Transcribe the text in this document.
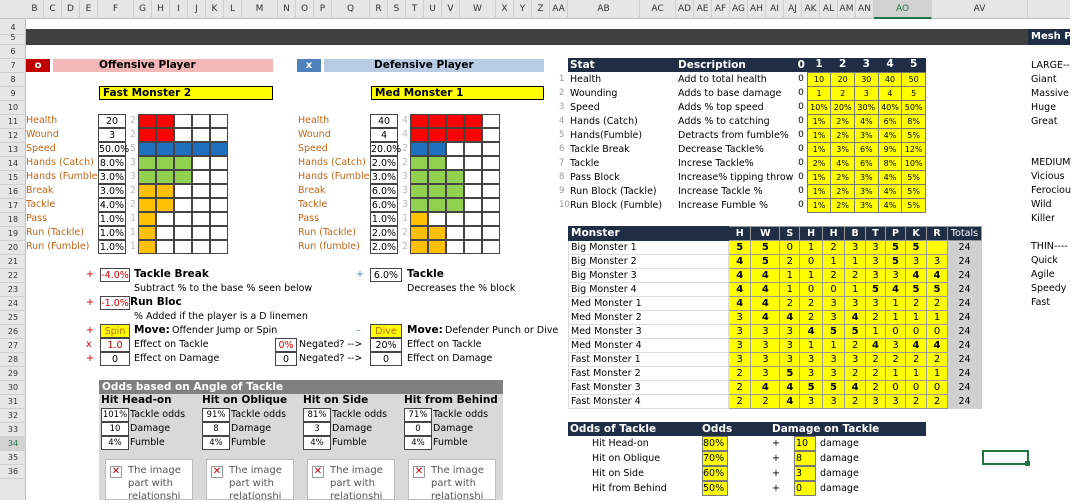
B	C	D	E	F	G	H	I	J	K	L	M	N	O	P	Q	R	S	T	U	V	W	X	Y	Z AA	AB	AC	AD AE AF AG AH AI	AJ AK AL AM AN	AO	AV
4
5
6
7
8
9
10
11
12
13
14
15
16
17
18
19
20
21
22
23
24
25
26
27
28
29
30
31
32
33
34
35
36
Mesh P
o	Offensive Player
Fast Monster 2
Health	20	2
Wound	3	2
Speed	50.0% 5
Hands (Catch) 8.0% 3
Hands (Fumble 3.0% 3
Break	3.0% 2
Tackle	4.0% 2
Pass	1.0% 1
Run (Tackle)	1.0% 1
Run (Fumble)	1.0% 1
x	Defensive Player
Med Monster 1
Health	40	4
Wound	4	4
Speed	20.0% 2
Hands (Catch) 2.0% 2
Hands (Fumble 3.0% 3
Break	6.0% 3
Tackle	6.0% 3
Pass	1.0% 1
Run (Tackle)	2.0% 2
Run (fumble)	2.0% 2
+ -4.0% Tackle Break
Subtract % to the base % seen below
+	6.0% Tackle
Decreases the % block
+ -1.0% Run Bloc
% Added if the player is a D linemen
+	Spin Move: Offender Jump or Spin	–	Dive Move: Defender Punch or Dive
x	1.0	Effect on Tackle	0% Negated? -->	20%	Effect on Tackle
+	0	Effect on Damage	0	Negated? -->	0	Effect on Damage
Odds based on Angle of Tackle
Hit Head-on
101% Tackle odds
10	Damage
4% Fumble
✕ The image part with relationshi
Hit on Oblique
91% Tackle odds
8	Damage
4% Fumble
✕ The image part with relationshi
Hit on Side
81% Tackle odds
3	Damage
4% Fumble
✕ The image part with relationshi
Hit from Behind
71% Tackle odds
0	Damage
4% Fumble
✕ The image part with relationshi
Stat	Description	0	1	2	3	4	5

1 Health	Add to total health	0	10	20	30	40	50

2 Wounding	Adds to base damage	0	1	2	3	4	5

3 Speed	Adds % top speed	0	10%	20%	30%	40%	50%

4 Hands (Catch)	Adds % to catching	0	1%	2%	4%	6%	8%

5 Hands(Fumble)	Detracts from fumble%	0	1%	2%	3%	4%	5%

6 Tackle Break	Decrease Tackle%	0	1%	3%	6%	9%	12%

7 Tackle	Increse Tackle%	0	2%	4%	6%	8%	10%

8 Pass Block	Increase% tipping throw	0	1%	2%	3%	4%	5%

9 Run Block (Tackle)	Increase Tackle %	0	1%	2%	3%	4%	5%

10 Run Block (Fumble)	Increase Fumble %	0	1%	2%	3%	4%	5%
Monster	H	W	S	H	H	B	T	P	K	R	Totals
Big Monster 1	5	5	0	1	2	3	3	5	5		24
Big Monster 2	4	5	2	0	1	1	3	5	3	3	24
Big Monster 3	4	4	1	1	2	2	3	3	4	4	24
Big Monster 4	4	4	1	0	0	1	5	4	5	5	24
Med Monster 1	4	4	2	2	3	3	3	1	2	2	24
Med Monster 2	3	4	4	2	3	4	2	1	1	1	24
Med Monster 3	3	3	3	4	5	5	1	0	0	0	24
Med Monster 4	3	3	3	1	1	2	4	3	4	4	24
Fast Monster 1	3	3	3	3	3	3	2	2	2	2	24
Fast Monster 2	2	3	5	3	3	2	2	1	1	1	24
Fast Monster 3	2	4	4	5	5	4	2	0	0	0	24
Fast Monster 4	2	2	4	3	3	2	3	3	2	2	24
Odds of Tackle	Odds	Damage on Tackle		
Hit Head-on	80%	+	10	damage
Hit on Oblique	70%	+	8	damage
Hit on Side	60%	+	3	damage
Hit from Behind	50%	+	0	damage
LARGE--
Giant
Massive
Huge
Great
MEDIUM
Vicious
Ferociou
Wild
Killer
THIN----
Quick
Agile
Speedy
Fast
